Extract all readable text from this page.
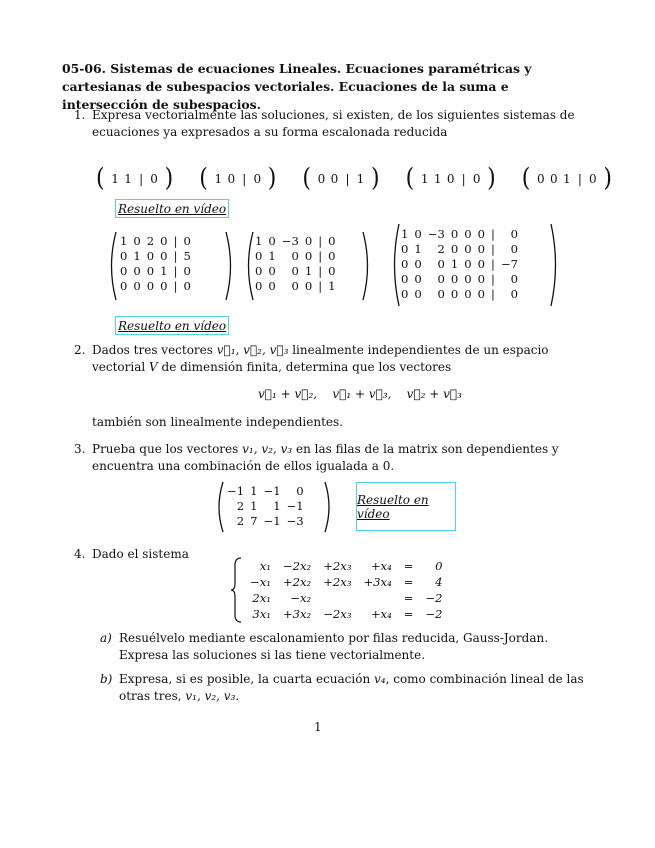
05-06. Sistemas de ecuaciones Lineales. Ecuaciones paramétricas y cartesianas de subespacios vectoriales. Ecuaciones de la suma e intersección de subespacios.
1. Expresa vectorialmente las soluciones, si existen, de los siguientes sistemas de ecuaciones ya expresados a su forma escalonada reducida
( 1 1 | 0 ) ( 1 0 | 0 ) ( 0 0 | 1 ) ( 1 1 0 | 0 ) ( 0 0 1 | 0 )
Resuelto en vídeo
1	0	2	0	|	0
0	1	0	0	|	5
0	0	0	1	|	0
0	0	0	0	|	0
1	0	−3	0	|	0
0	1	0	0	|	0
0	0	0	1	|	0
0	0	0	0	|	1
1	0	−3	0	0	0	|	0
0	1	2	0	0	0	|	0
0	0	0	1	0	0	|	−7
0	0	0	0	0	0	|	0
0	0	0	0	0	0	|	0
Resuelto en vídeo
2. Dados tres vectores v⃗₁, v⃗₂, v⃗₃ linealmente independientes de un espacio vectorial V de dimensión finita, determina que los vectores
v⃗₁ + v⃗₂,    v⃗₁ + v⃗₃,    v⃗₂ + v⃗₃
también son linealmente independientes.
3. Prueba que los vectores v₁, v₂, v₃ en las filas de la matrix son dependientes y encuentra una combinación de ellos igualada a 0.
−1	1	−1	0
2	1	1	−1
2	7	−1	−3
Resuelto en vídeo
4. Dado el sistema
x₁	−2x₂	+2x₃	+x₄	=	0
−x₁	+2x₂	+2x₃	+3x₄	=	4
2x₁	−x₂			=	−2
3x₁	+3x₂	−2x₃	+x₄	=	−2
a) Resuélvelo mediante escalonamiento por filas reducida, Gauss-Jordan. Expresa las soluciones si las tiene vectorialmente.
b) Expresa, si es posible, la cuarta ecuación v₄, como combinación lineal de las otras tres, v₁, v₂, v₃.
1
